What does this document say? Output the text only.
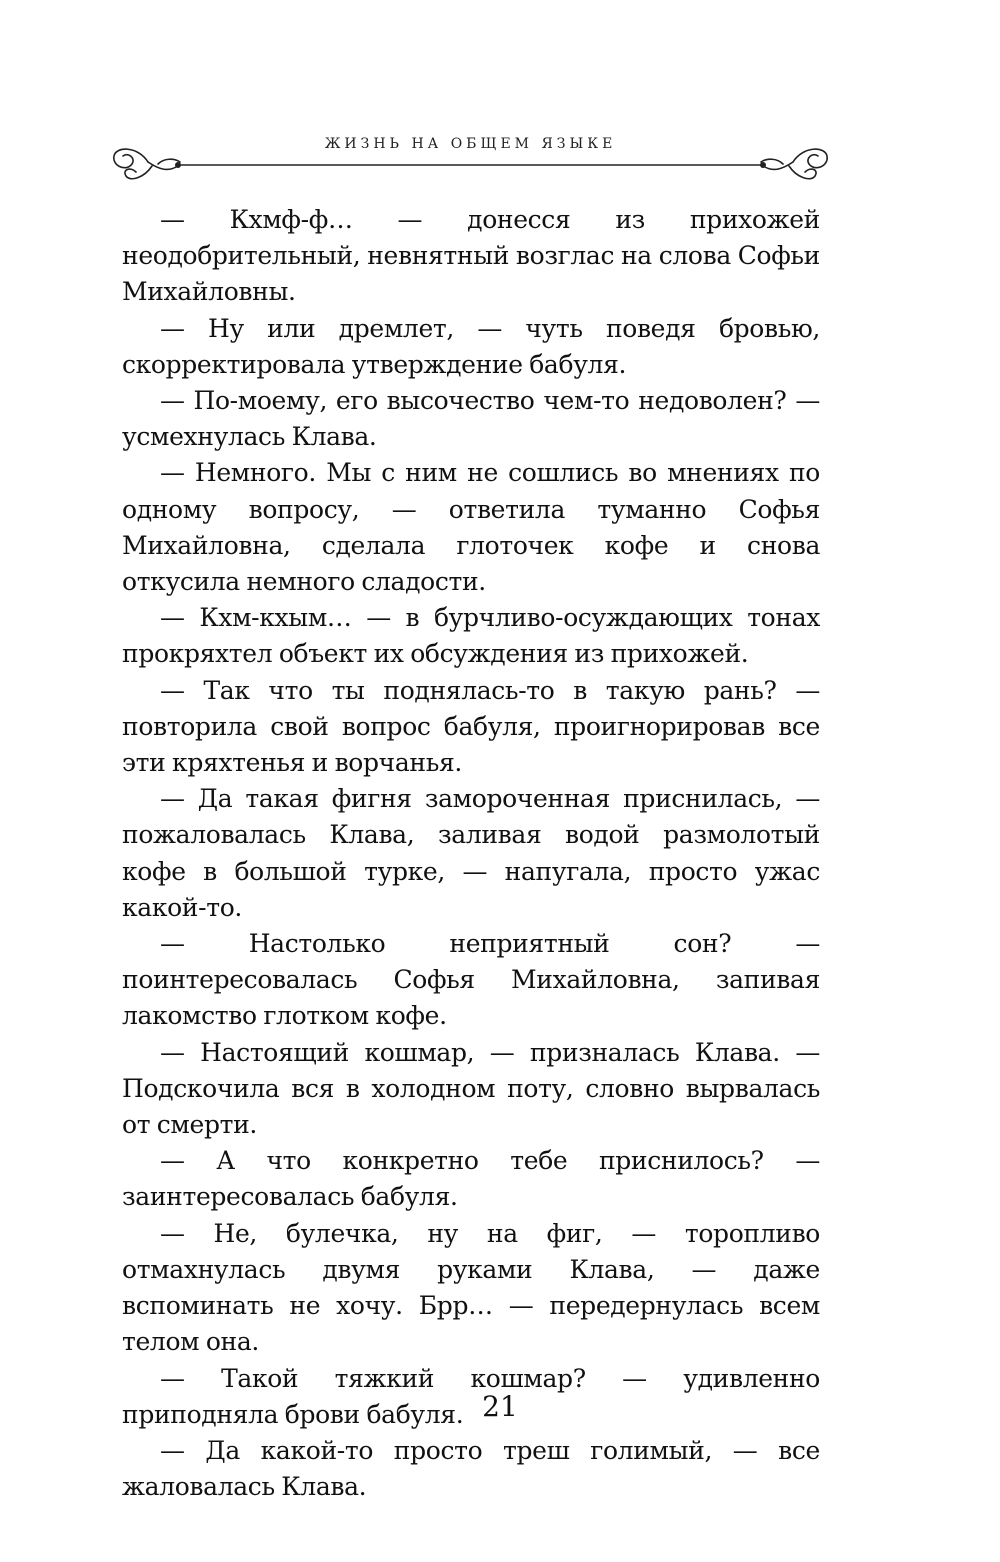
ЖИЗНЬ НА ОБЩЕМ ЯЗЫКЕ

— Кхмф-ф… — донесся из прихожей неодобрительный, невнятный возглас на слова Софьи Михайловны.

— Ну или дремлет, — чуть поведя бровью, скорректировала утверждение бабуля.

— По-моему, его высочество чем-то недоволен? — усмехнулась Клава.

— Немного. Мы с ним не сошлись во мнениях по одному вопросу, — ответила туманно Софья Михайловна, сделала глоточек кофе и снова откусила немного сладости.

— Кхм-кхым… — в бурчливо-осуждающих тонах прокряхтел объект их обсуждения из прихожей.

— Так что ты поднялась-то в такую рань? — повторила свой вопрос бабуля, проигнорировав все эти кряхтенья и ворчанья.

— Да такая фигня замороченная приснилась, — пожаловалась Клава, заливая водой размолотый кофе в большой турке, — напугала, просто ужас какой-то.

— Настолько неприятный сон? — поинтересовалась Софья Михайловна, запивая лакомство глотком кофе.

— Настоящий кошмар, — призналась Клава. — Подскочила вся в холодном поту, словно вырвалась от смерти.

— А что конкретно тебе приснилось? — заинтересовалась бабуля.

— Не, булечка, ну на фиг, — торопливо отмахнулась двумя руками Клава, — даже вспоминать не хочу. Брр… — передернулась всем телом она.

— Такой тяжкий кошмар? — удивленно приподняла брови бабуля.

— Да какой-то просто треш голимый, — все жаловалась Клава.

21
